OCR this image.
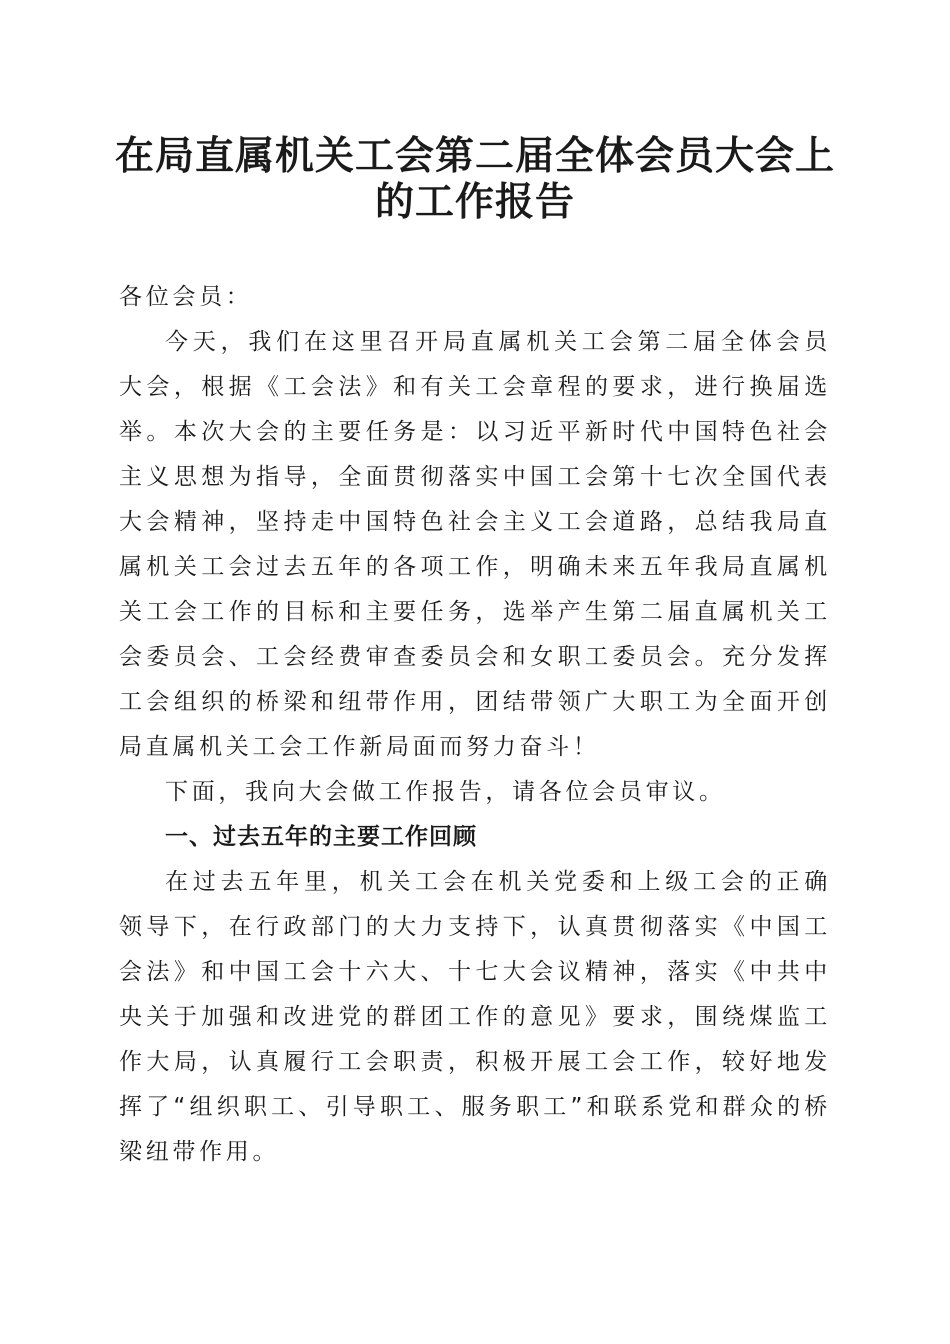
在局直属机关工会第二届全体会员大会上的工作报告

各位会员：

今天，我们在这里召开局直属机关工会第二届全体会员大会，根据《工会法》和有关工会章程的要求，进行换届选举。本次大会的主要任务是：以习近平新时代中国特色社会主义思想为指导，全面贯彻落实中国工会第十七次全国代表大会精神，坚持走中国特色社会主义工会道路，总结我局直属机关工会过去五年的各项工作，明确未来五年我局直属机关工会工作的目标和主要任务，选举产生第二届直属机关工会委员会、工会经费审查委员会和女职工委员会。充分发挥工会组织的桥梁和纽带作用，团结带领广大职工为全面开创局直属机关工会工作新局面而努力奋斗！

下面，我向大会做工作报告，请各位会员审议。

一、过去五年的主要工作回顾

在过去五年里，机关工会在机关党委和上级工会的正确领导下，在行政部门的大力支持下，认真贯彻落实《中国工会法》和中国工会十六大、十七大会议精神，落实《中共中央关于加强和改进党的群团工作的意见》要求，围绕煤监工作大局，认真履行工会职责，积极开展工会工作，较好地发挥了“组织职工、引导职工、服务职工”和联系党和群众的桥梁纽带作用。
